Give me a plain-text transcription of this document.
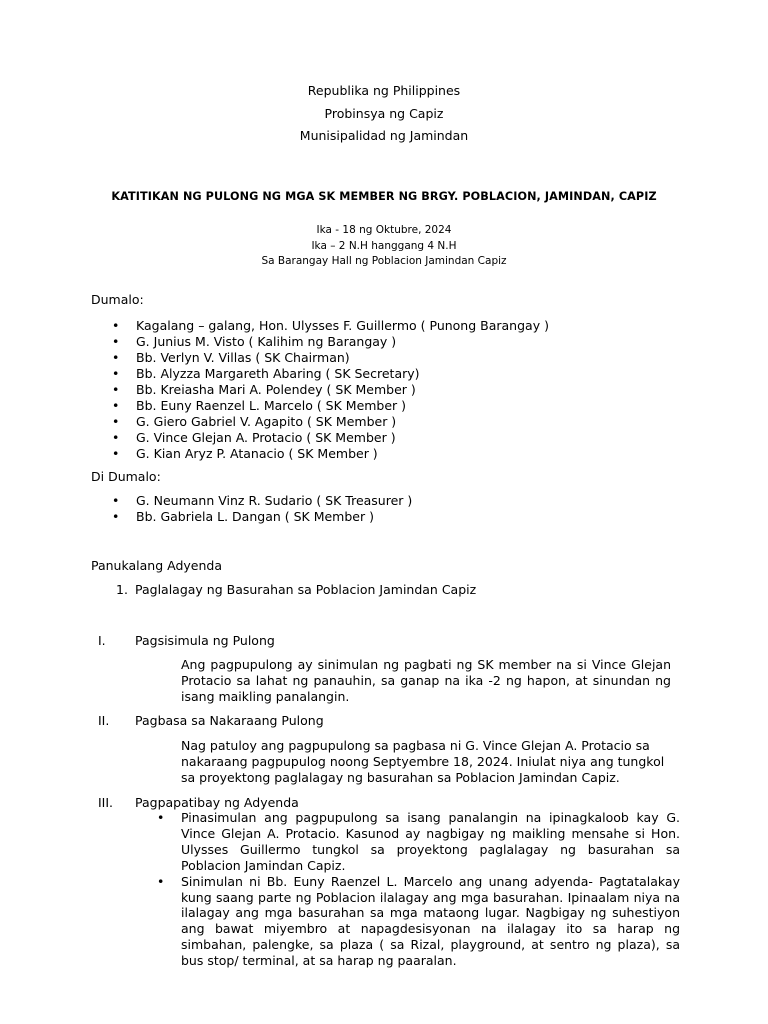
Republika ng Philippines
Probinsya ng Capiz
Munisipalidad ng Jamindan
KATITIKAN NG PULONG NG MGA SK MEMBER NG BRGY. POBLACION, JAMINDAN, CAPIZ
Ika - 18 ng Oktubre, 2024
Ika – 2 N.H hanggang 4 N.H
Sa Barangay Hall ng Poblacion Jamindan Capiz
Dumalo:
• Kagalang – galang, Hon. Ulysses F. Guillermo ( Punong Barangay )
• G. Junius M. Visto ( Kalihim ng Barangay )
• Bb. Verlyn V. Villas ( SK Chairman)
• Bb. Alyzza Margareth Abaring ( SK Secretary)
• Bb. Kreiasha Mari A. Polendey ( SK Member )
• Bb. Euny Raenzel L. Marcelo ( SK Member )
• G. Giero Gabriel V. Agapito ( SK Member )
• G. Vince Glejan A. Protacio ( SK Member )
• G. Kian Aryz P. Atanacio ( SK Member )
Di Dumalo:
• G. Neumann Vinz R. Sudario ( SK Treasurer )
• Bb. Gabriela L. Dangan ( SK Member )
Panukalang Adyenda
1. Paglalagay ng Basurahan sa Poblacion Jamindan Capiz
I.	Pagsisimula ng Pulong
Ang pagpupulong ay sinimulan ng pagbati ng SK member na si Vince Glejan Protacio sa lahat ng panauhin, sa ganap na ika -2 ng hapon, at sinundan ng isang maikling panalangin.
II.	Pagbasa sa Nakaraang Pulong
Nag patuloy ang pagpupulong sa pagbasa ni G. Vince Glejan A. Protacio sa nakaraang pagpupulog noong Septyembre 18, 2024. Iniulat niya ang tungkol sa proyektong paglalagay ng basurahan sa Poblacion Jamindan Capiz.
III.	Pagpapatibay ng Adyenda
• Pinasimulan ang pagpupulong sa isang panalangin na ipinagkaloob kay G. Vince Glejan A. Protacio. Kasunod ay nagbigay ng maikling mensahe si Hon. Ulysses Guillermo tungkol sa proyektong paglalagay ng basurahan sa Poblacion Jamindan Capiz.
• Sinimulan ni Bb. Euny Raenzel L. Marcelo ang unang adyenda- Pagtatalakay kung saang parte ng Poblacion ilalagay ang mga basurahan. Ipinaalam niya na ilalagay ang mga basurahan sa mga mataong lugar. Nagbigay ng suhestiyon ang bawat miyembro at napagdesisyonan na ilalagay ito sa harap ng simbahan, palengke, sa plaza ( sa Rizal, playground, at sentro ng plaza), sa bus stop/ terminal, at sa harap ng paaralan.
